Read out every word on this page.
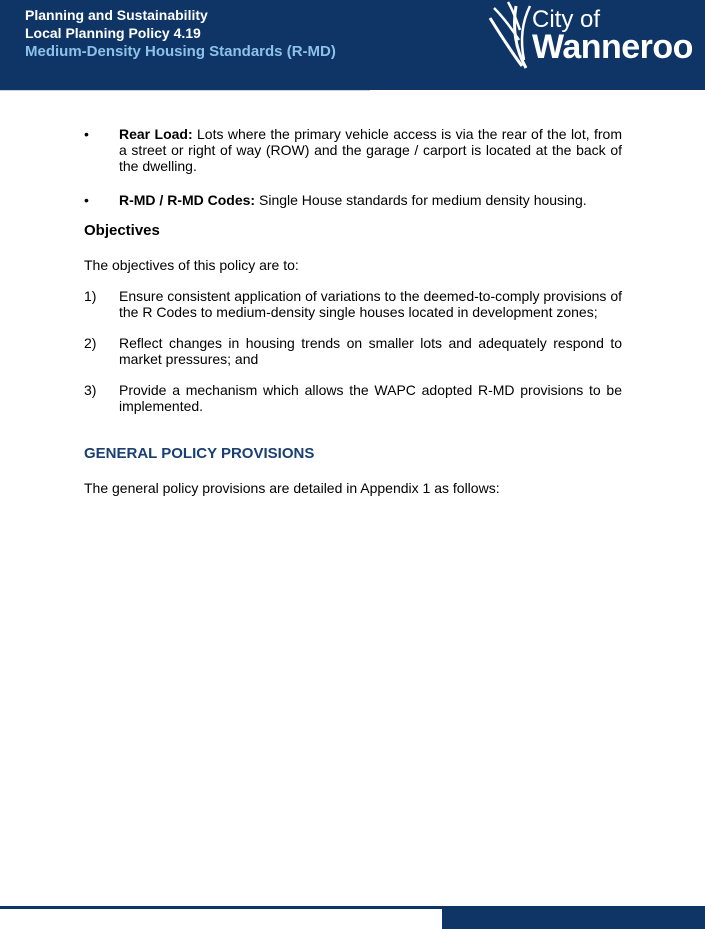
Planning and Sustainability
Local Planning Policy 4.19
Medium-Density Housing Standards (R-MD)
City of
Wanneroo
•	Rear Load: Lots where the primary vehicle access is via the rear of the lot, from a street or right of way (ROW) and the garage / carport is located at the back of the dwelling.
•	R-MD / R-MD Codes: Single House standards for medium density housing.
Objectives
The objectives of this policy are to:
1)	Ensure consistent application of variations to the deemed-to-comply provisions of the R Codes to medium-density single houses located in development zones;
2)	Reflect changes in housing trends on smaller lots and adequately respond to market pressures; and
3)	Provide a mechanism which allows the WAPC adopted R-MD provisions to be implemented.
GENERAL POLICY PROVISIONS
The general policy provisions are detailed in Appendix 1 as follows:
